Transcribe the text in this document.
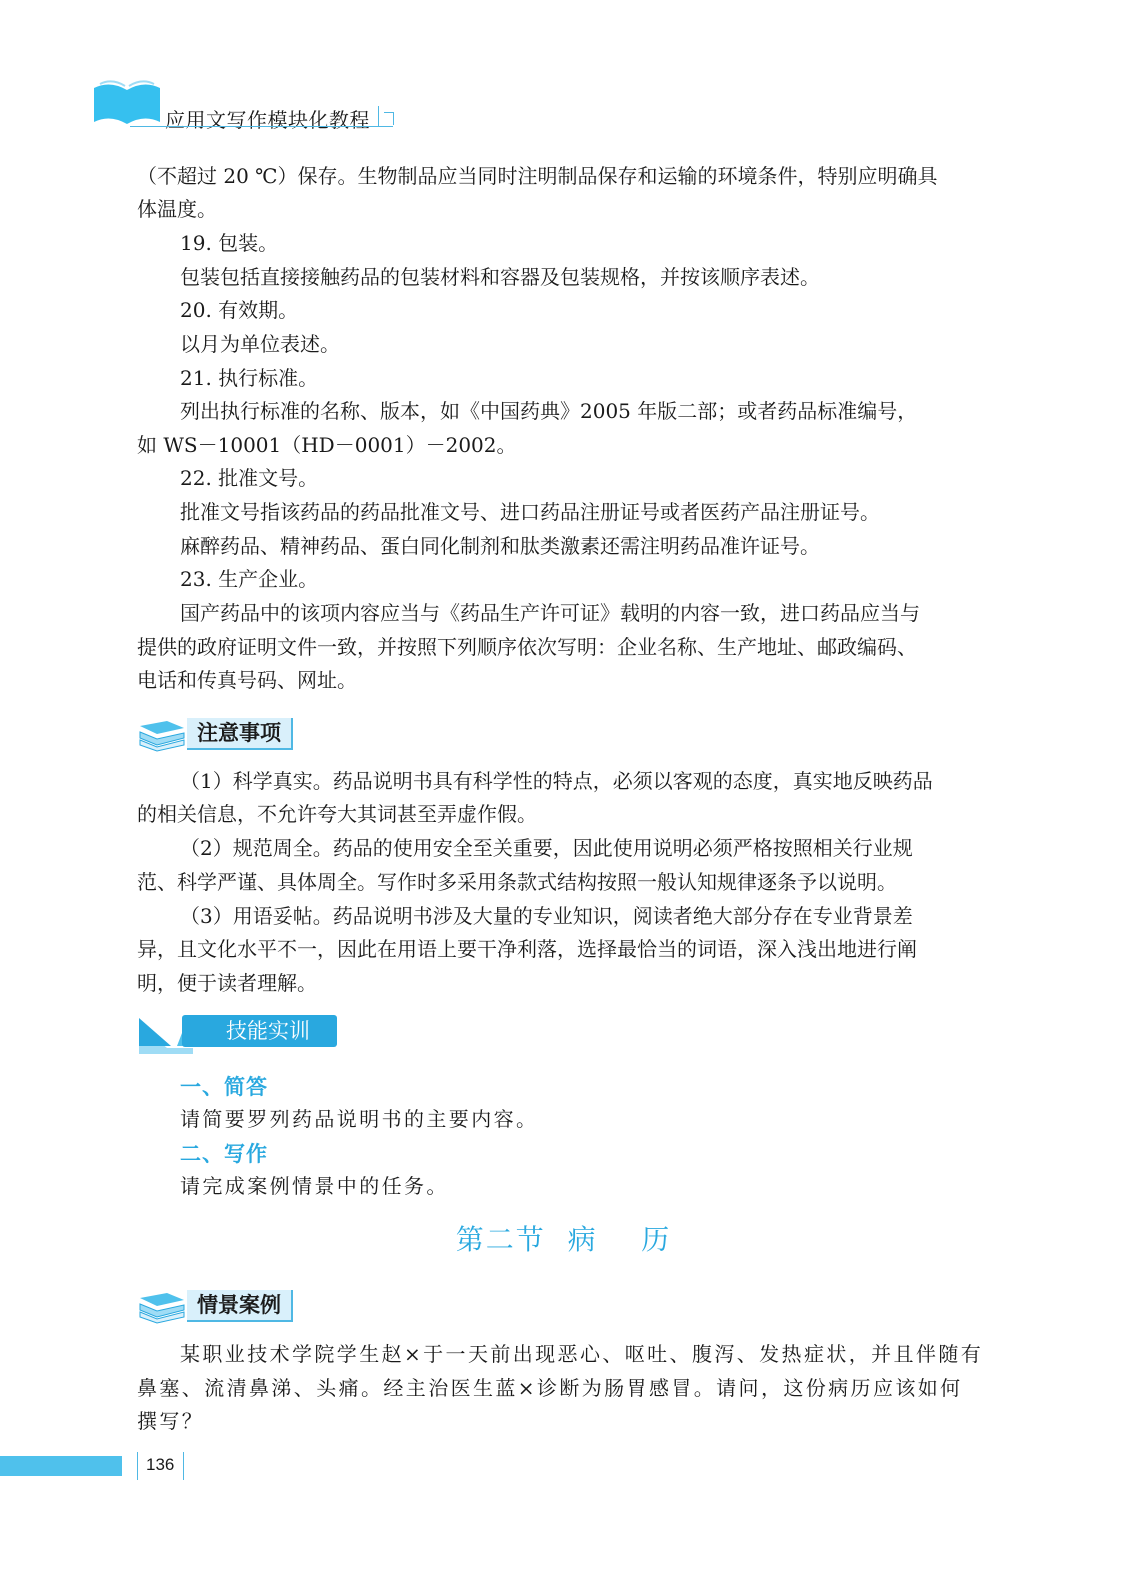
应用文写作模块化教程
（不超过 20 ℃）保存。生物制品应当同时注明制品保存和运输的环境条件，特别应明确具
体温度。
19. 包装。
包装包括直接接触药品的包装材料和容器及包装规格，并按该顺序表述。
20. 有效期。
以月为单位表述。
21. 执行标准。
列出执行标准的名称、版本，如《中国药典》2005 年版二部；或者药品标准编号，
如 WS－10001（HD－0001）－2002。
22. 批准文号。
批准文号指该药品的药品批准文号、进口药品注册证号或者医药产品注册证号。
麻醉药品、精神药品、蛋白同化制剂和肽类激素还需注明药品准许证号。
23. 生产企业。
国产药品中的该项内容应当与《药品生产许可证》载明的内容一致，进口药品应当与
提供的政府证明文件一致，并按照下列顺序依次写明：企业名称、生产地址、邮政编码、
电话和传真号码、网址。
注意事项
（1）科学真实。药品说明书具有科学性的特点，必须以客观的态度，真实地反映药品
的相关信息，不允许夸大其词甚至弄虚作假。
（2）规范周全。药品的使用安全至关重要，因此使用说明必须严格按照相关行业规
范、科学严谨、具体周全。写作时多采用条款式结构按照一般认知规律逐条予以说明。
（3）用语妥帖。药品说明书涉及大量的专业知识，阅读者绝大部分存在专业背景差
异，且文化水平不一，因此在用语上要干净利落，选择最恰当的词语，深入浅出地进行阐
明，便于读者理解。
技能实训
一、简答
请简要罗列药品说明书的主要内容。
二、写作
请完成案例情景中的任务。
第二节  病    历
情景案例
某职业技术学院学生赵×于一天前出现恶心、呕吐、腹泻、发热症状，并且伴随有
鼻塞、流清鼻涕、头痛。经主治医生蓝×诊断为肠胃感冒。请问，这份病历应该如何
撰写？
136
